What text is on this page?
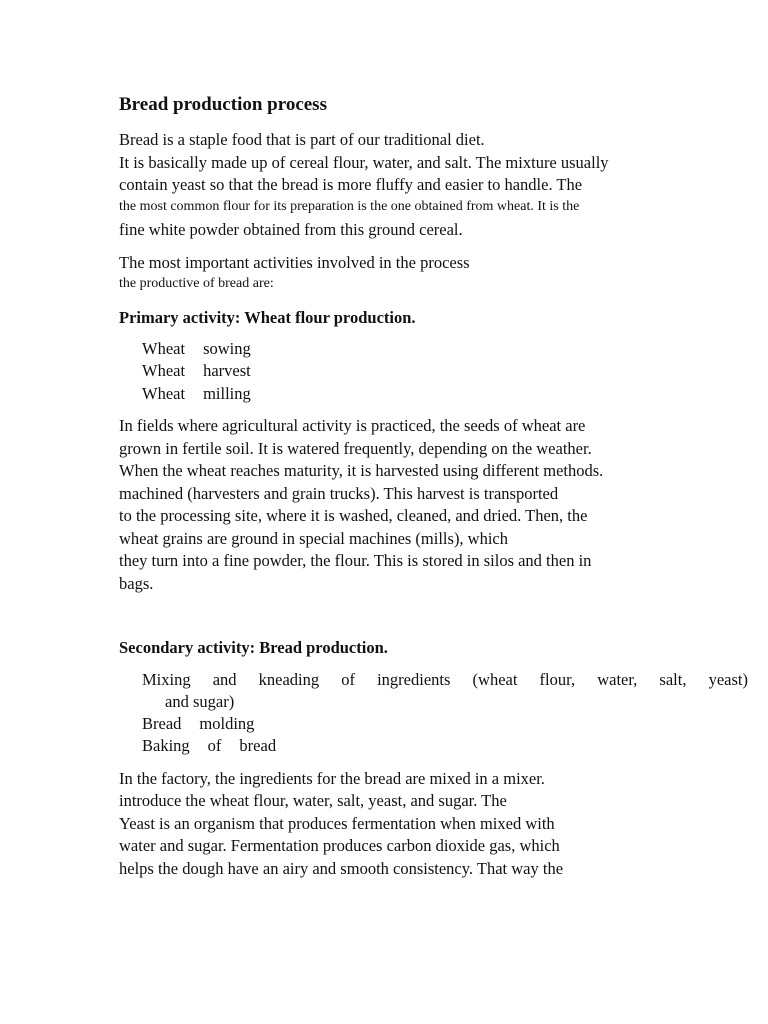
Bread production process
Bread is a staple food that is part of our traditional diet.
It is basically made up of cereal flour, water, and salt. The mixture usually
contain yeast so that the bread is more fluffy and easier to handle. The
the most common flour for its preparation is the one obtained from wheat. It is the
fine white powder obtained from this ground cereal.
The most important activities involved in the process
the productive of bread are:
Primary activity: Wheat flour production.
Wheat sowing
Wheat harvest
Wheat milling
In fields where agricultural activity is practiced, the seeds of wheat are
grown in fertile soil. It is watered frequently, depending on the weather.
When the wheat reaches maturity, it is harvested using different methods.
machined (harvesters and grain trucks). This harvest is transported
to the processing site, where it is washed, cleaned, and dried. Then, the
wheat grains are ground in special machines (mills), which
they turn into a fine powder, the flour. This is stored in silos and then in
bags.
Secondary activity: Bread production.
Mixing and kneading of ingredients (wheat flour, water, salt, yeast)
and sugar)
Bread molding
Baking of bread
In the factory, the ingredients for the bread are mixed in a mixer.
introduce the wheat flour, water, salt, yeast, and sugar. The
Yeast is an organism that produces fermentation when mixed with
water and sugar. Fermentation produces carbon dioxide gas, which
helps the dough have an airy and smooth consistency. That way the
